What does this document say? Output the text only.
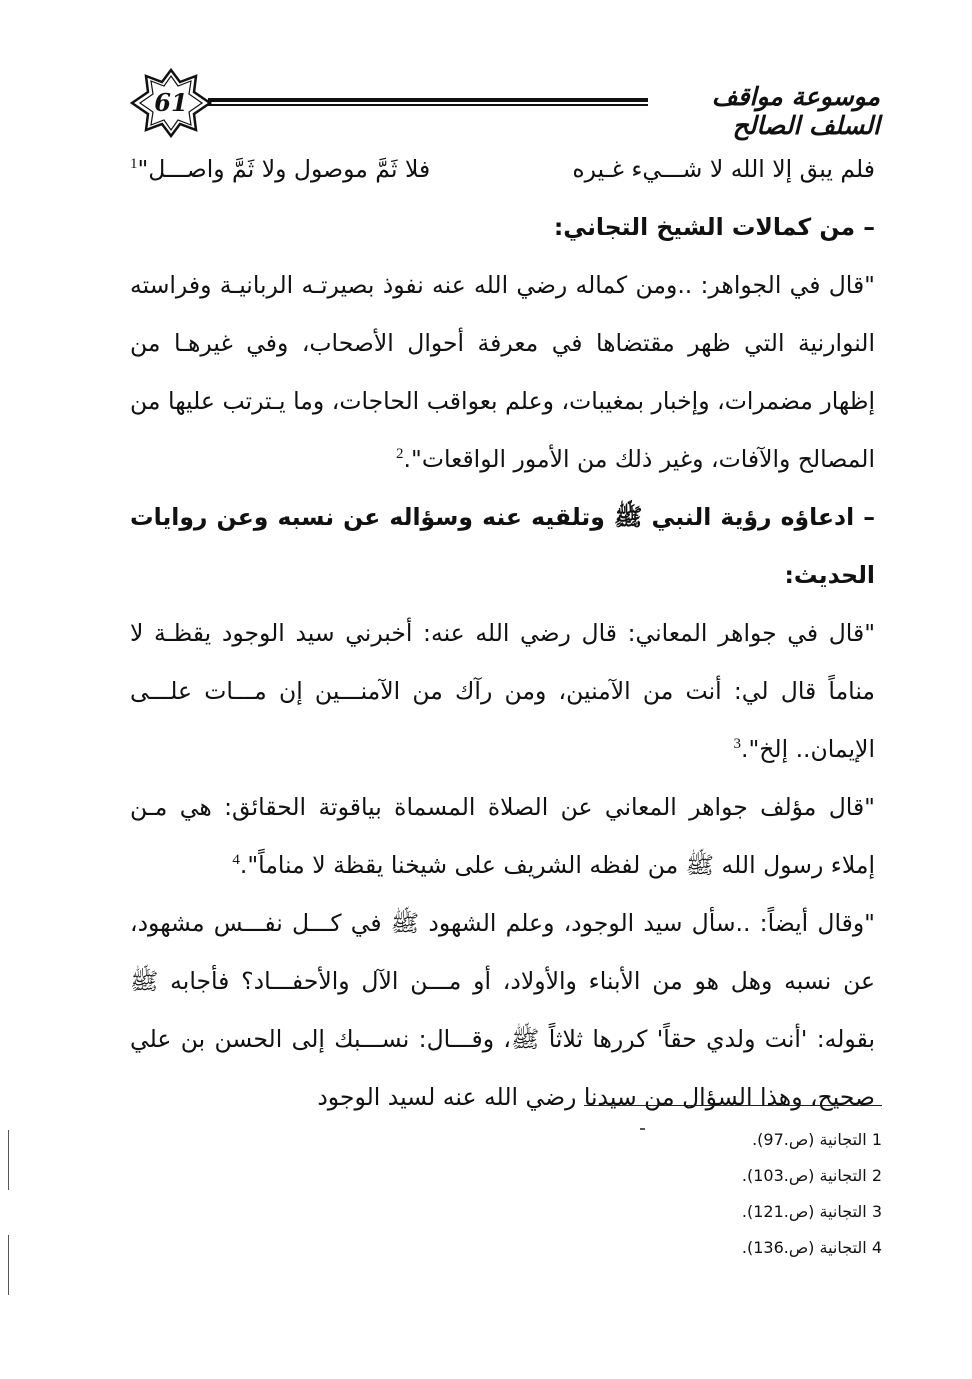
61	موسوعة مواقف السلف الصالح
فلم يبق إلا الله لا شـــيء غـيره
فلا ثَمَّ موصول ولا ثَمَّ واصـــل"$^1$

– من كمالات الشيخ التجاني:

"قال في الجواهر: ..ومن كماله رضي الله عنه نفوذ بصيرتـه الربانيـة وفراسته النوارنية التي ظهر مقتضاها في معرفة أحوال الأصحاب، وفي غيرهـا من إظهار مضمرات، وإخبار بمغيبات، وعلم بعواقب الحاجات، وما يـترتب عليها من المصالح والآفات، وغير ذلك من الأمور الواقعات".$^2$

– ادعاؤه رؤية النبي ﷺ وتلقيه عنه وسؤاله عن نسبه وعن روايات الحديث:

"قال في جواهر المعاني: قال رضي الله عنه: أخبرني سيد الوجود يقظـة لا مناماً قال لي: أنت من الآمنين، ومن رآك من الآمنـــين إن مـــات علـــى الإيمان.. إلخ".$^3$

"قال مؤلف جواهر المعاني عن الصلاة المسماة بياقوتة الحقائق: هي مـن إملاء رسول الله ﷺ من لفظه الشريف على شيخنا يقظة لا مناماً".$^4$

"وقال أيضاً: ..سأل سيد الوجود، وعلم الشهود ﷺ في كـــل نفـــس مشهود، عن نسبه وهل هو من الأبناء والأولاد، أو مـــن الآل والأحفـــاد؟ فأجابه ﷺ بقوله: 'أنت ولدي حقاً' كررها ثلاثاً ﷺ، وقـــال: نســـبك إلى الحسن بن علي صحيح، وهذا السؤال من سيدنا رضي الله عنه لسيد الوجود

1 التجانية (ص.97).
2 التجانية (ص.103).
3 التجانية (ص.121).
4 التجانية (ص.136).
